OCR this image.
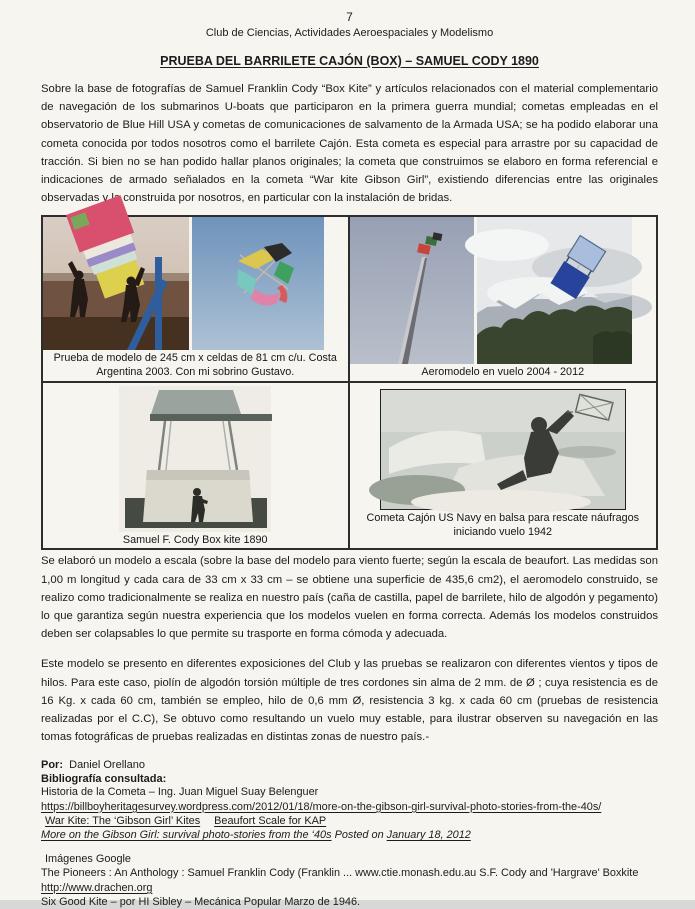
7
Club de Ciencias, Actividades Aeroespaciales y Modelismo
PRUEBA DEL BARRILETE CAJÓN (BOX) – SAMUEL CODY 1890

Sobre la base de fotografías de Samuel Franklin Cody “Box Kite” y artículos relacionados con el material complementario de navegación de los submarinos U-boats que participaron en la primera guerra mundial; cometas empleadas en el observatorio de Blue Hill USA y cometas de comunicaciones de salvamento de la Armada USA; se ha podido elaborar una cometa conocida por todos nosotros como el barrilete Cajón. Esta cometa es especial para arrastre por su capacidad de tracción. Si bien no se han podido hallar planos originales; la cometa que construimos se elaboro en forma referencial e indicaciones de armado señalados en la cometa “War kite Gibson Girl”, existiendo diferencias entre las originales observadas y la construida por nosotros, en particular con la instalación de bridas.

Prueba de modelo de 245 cm x celdas de 81 cm c/u. Costa Argentina 2003. Con mi sobrino Gustavo.	Aeromodelo en vuelo 2004 - 2012
Samuel F. Cody Box kite 1890
Cometa Cajón US Navy en balsa para rescate náufragos iniciando vuelo 1942

Se elaboró un modelo a escala (sobre la base del modelo para viento fuerte; según la escala de beaufort. Las medidas son 1,00 m longitud y cada cara de 33 cm x 33 cm – se obtiene una superficie de 435,6 cm2), el aeromodelo construido, se realizo como tradicionalmente se realiza en nuestro país (caña de castilla, papel de barrilete, hilo de algodón y pegamento) lo que garantiza según nuestra experiencia que los modelos vuelen en forma correcta. Además los modelos construidos deben ser colapsables lo que permite su trasporte en forma cómoda y adecuada.

Este modelo se presento en diferentes exposiciones del Club y las pruebas se realizaron con diferentes vientos y tipos de hilos. Para este caso, piolín de algodón torsión múltiple de tres cordones sin alma de 2 mm. de Ø ; cuya resistencia es de 16 Kg. x cada 60 cm, también se empleo, hilo de 0,6 mm Ø, resistencia 3 kg. x cada 60 cm (pruebas de resistencia realizadas por el C.C), Se obtuvo como resultando un vuelo muy estable, para ilustrar observen su navegación en las tomas fotográficas de pruebas realizadas en distintas zonas de nuestro país.-

Por: Daniel Orellano
Bibliografía consultada:
Historia de la Cometa – Ing. Juan Miguel Suay Belenguer
https://billboyheritagesurvey.wordpress.com/2012/01/18/more-on-the-gibson-girl-survival-photo-stories-from-the-40s/
War Kite: The ‘Gibson Girl’ Kites Beaufort Scale for KAP
More on the Gibson Girl: survival photo-stories from the ‘40s Posted on January 18, 2012
Imágenes Google
The Pioneers : An Anthology : Samuel Franklin Cody (Franklin ... www.ctie.monash.edu.au S.F. Cody and 'Hargrave' Boxkite
http://www.drachen.org
Six Good Kite – por HI Sibley – Mecánica Popular Marzo de 1946.
